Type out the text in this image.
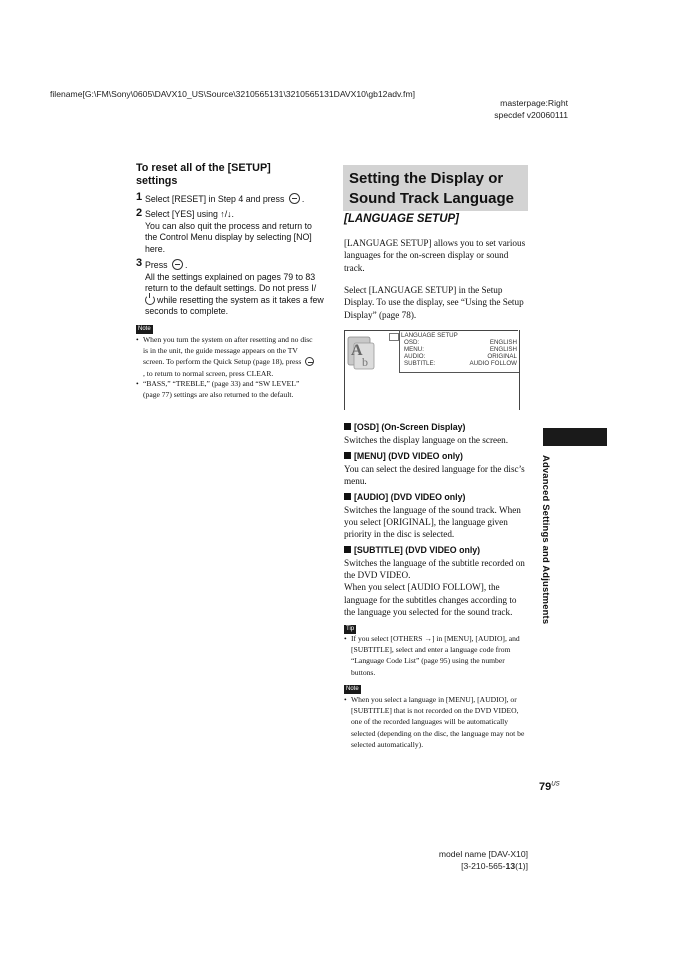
filename[G:\FM\Sony\0605\DAVX10_US\Source\3210565131\3210565131DAVX10\gb12adv.fm]
masterpage:Right
specdef v20060111
To reset all of the [SETUP]
settings
1 Select [RESET] in Step 4 and press .
2 Select [YES] using ↑/↓.
You can also quit the process and return to the Control Menu display by selecting [NO] here.
3 Press .
All the settings explained on pages 79 to 83 return to the default settings. Do not press I/
while resetting the system as it takes a few seconds to complete.
Note
• When you turn the system on after resetting and no disc is in the unit, the guide message appears on the TV screen. To perform the Quick Setup (page 18), press , to return to normal screen, press CLEAR.
• “BASS,” “TREBLE,” (page 33) and “SW LEVEL” (page 77) settings are also returned to the default.
Setting the Display or
Sound Track Language
[LANGUAGE SETUP]
[LANGUAGE SETUP] allows you to set various languages for the on-screen display or sound track.
Select [LANGUAGE SETUP] in the Setup Display. To use the display, see “Using the Setup Display” (page 78).
LANGUAGE SETUP
OSD:	ENGLISH
MENU:	ENGLISH
AUDIO:	ORIGINAL
SUBTITLE:	AUDIO FOLLOW
A
b
[OSD] (On-Screen Display)
Switches the display language on the screen.
[MENU] (DVD VIDEO only)
You can select the desired language for the disc’s menu.
[AUDIO] (DVD VIDEO only)
Switches the language of the sound track. When you select [ORIGINAL], the language given priority in the disc is selected.
[SUBTITLE] (DVD VIDEO only)
Switches the language of the subtitle recorded on the DVD VIDEO.
When you select [AUDIO FOLLOW], the language for the subtitles changes according to the language you selected for the sound track.
Tip
• If you select [OTHERS →] in [MENU], [AUDIO], and [SUBTITLE], select and enter a language code from “Language Code List” (page 95) using the number buttons.
Note
• When you select a language in [MENU], [AUDIO], or [SUBTITLE] that is not recorded on the DVD VIDEO, one of the recorded languages will be automatically selected (depending on the disc, the language may not be selected automatically).
Advanced Settings and Adjustments
$79^{US}$
model name [DAV-X10]
[3-210-565-13(1)]
